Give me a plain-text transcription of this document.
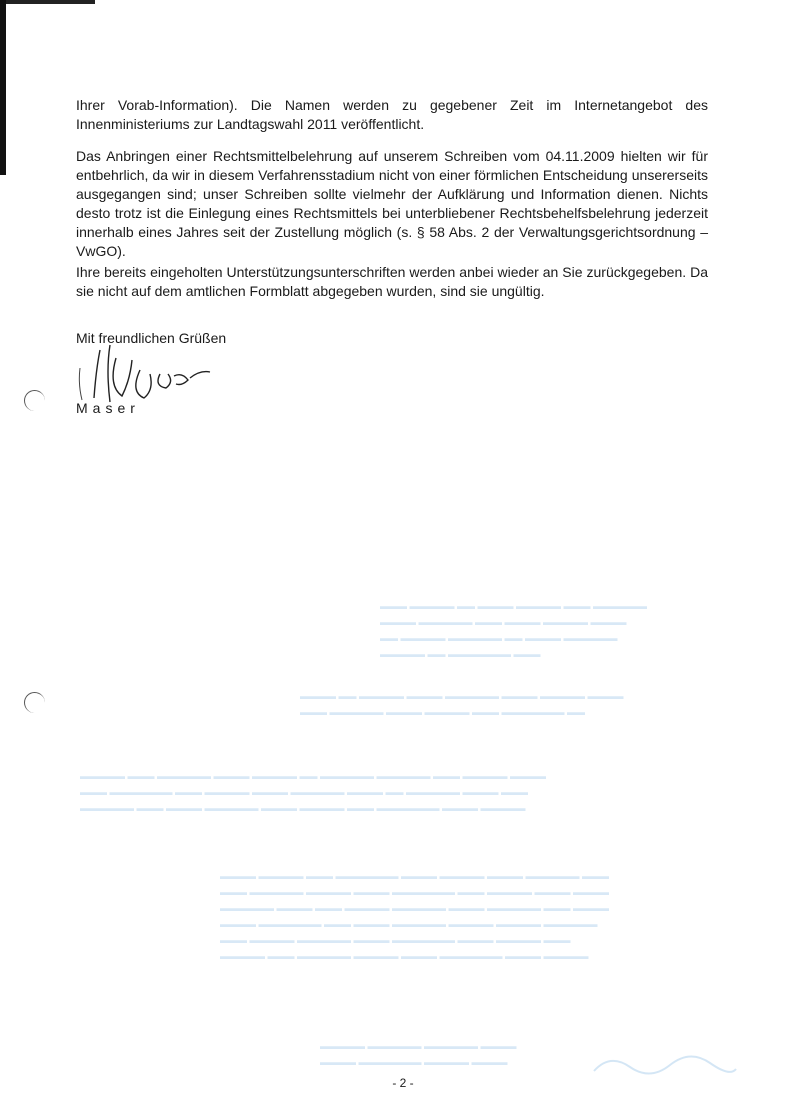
▬▬▬ ▬▬▬▬▬ ▬▬ ▬▬▬▬ ▬▬▬▬▬ ▬▬▬ ▬▬▬▬▬▬
▬▬▬▬ ▬▬▬▬▬▬ ▬▬▬ ▬▬▬▬ ▬▬▬▬▬ ▬▬▬▬
▬▬ ▬▬▬▬▬ ▬▬▬▬▬▬ ▬▬ ▬▬▬▬ ▬▬▬▬▬▬
▬▬▬▬▬ ▬▬ ▬▬▬▬▬▬▬ ▬▬▬
▬▬▬▬ ▬▬ ▬▬▬▬▬ ▬▬▬▬ ▬▬▬▬▬▬ ▬▬▬▬ ▬▬▬▬▬ ▬▬▬▬
▬▬▬ ▬▬▬▬▬▬ ▬▬▬▬ ▬▬▬▬▬ ▬▬▬ ▬▬▬▬▬▬▬ ▬▬
▬▬▬▬▬ ▬▬▬ ▬▬▬▬▬▬ ▬▬▬▬ ▬▬▬▬▬ ▬▬ ▬▬▬▬▬▬ ▬▬▬▬▬▬ ▬▬▬ ▬▬▬▬▬ ▬▬▬▬
▬▬▬ ▬▬▬▬▬▬▬ ▬▬▬ ▬▬▬▬▬ ▬▬▬▬ ▬▬▬▬▬▬ ▬▬▬▬ ▬▬ ▬▬▬▬▬▬ ▬▬▬▬ ▬▬▬
▬▬▬▬▬▬ ▬▬▬ ▬▬▬▬ ▬▬▬▬▬▬ ▬▬▬▬ ▬▬▬▬▬ ▬▬▬ ▬▬▬▬▬▬▬ ▬▬▬▬ ▬▬▬▬▬
▬▬▬▬ ▬▬▬▬▬ ▬▬▬ ▬▬▬▬▬▬▬ ▬▬▬▬ ▬▬▬▬▬ ▬▬▬▬ ▬▬▬▬▬▬ ▬▬▬
▬▬▬ ▬▬▬▬▬▬ ▬▬▬▬▬ ▬▬▬▬ ▬▬▬▬▬▬▬ ▬▬▬ ▬▬▬▬▬ ▬▬▬▬ ▬▬▬▬
▬▬▬▬▬▬ ▬▬▬▬ ▬▬▬ ▬▬▬▬▬ ▬▬▬▬▬▬ ▬▬▬▬ ▬▬▬▬▬▬ ▬▬▬ ▬▬▬▬
▬▬▬▬ ▬▬▬▬▬▬▬ ▬▬▬ ▬▬▬▬ ▬▬▬▬▬▬ ▬▬▬▬▬ ▬▬▬▬▬ ▬▬▬▬▬▬
▬▬▬ ▬▬▬▬▬ ▬▬▬▬▬▬ ▬▬▬▬ ▬▬▬▬▬▬▬ ▬▬▬▬ ▬▬▬▬▬ ▬▬▬
▬▬▬▬▬ ▬▬▬ ▬▬▬▬▬▬ ▬▬▬▬▬ ▬▬▬▬ ▬▬▬▬▬▬▬ ▬▬▬▬ ▬▬▬▬▬
▬▬▬▬▬ ▬▬▬▬▬▬ ▬▬▬▬▬▬ ▬▬▬▬
▬▬▬▬ ▬▬▬▬▬▬▬ ▬▬▬▬▬ ▬▬▬▬

Ihrer Vorab-Information). Die Namen werden zu gegebener Zeit im Internetangebot des Innenministeriums zur Landtagswahl 2011 veröffentlicht.

Das Anbringen einer Rechtsmittelbelehrung auf unserem Schreiben vom 04.11.2009 hielten wir für entbehrlich, da wir in diesem Verfahrensstadium nicht von einer förmlichen Entscheidung unsererseits ausgegangen sind; unser Schreiben sollte vielmehr der Aufklärung und Information dienen. Nichts desto trotz ist die Einlegung eines Rechtsmittels bei unterbliebener Rechtsbehelfsbelehrung jederzeit innerhalb eines Jahres seit der Zustellung möglich (s. § 58 Abs. 2 der Verwaltungsgerichtsordnung – VwGO).

Ihre bereits eingeholten Unterstützungsunterschriften werden anbei wieder an Sie zurückgegeben. Da sie nicht auf dem amtlichen Formblatt abgegeben wurden, sind sie ungültig.

Mit freundlichen Grüßen
Maser
- 2 -
